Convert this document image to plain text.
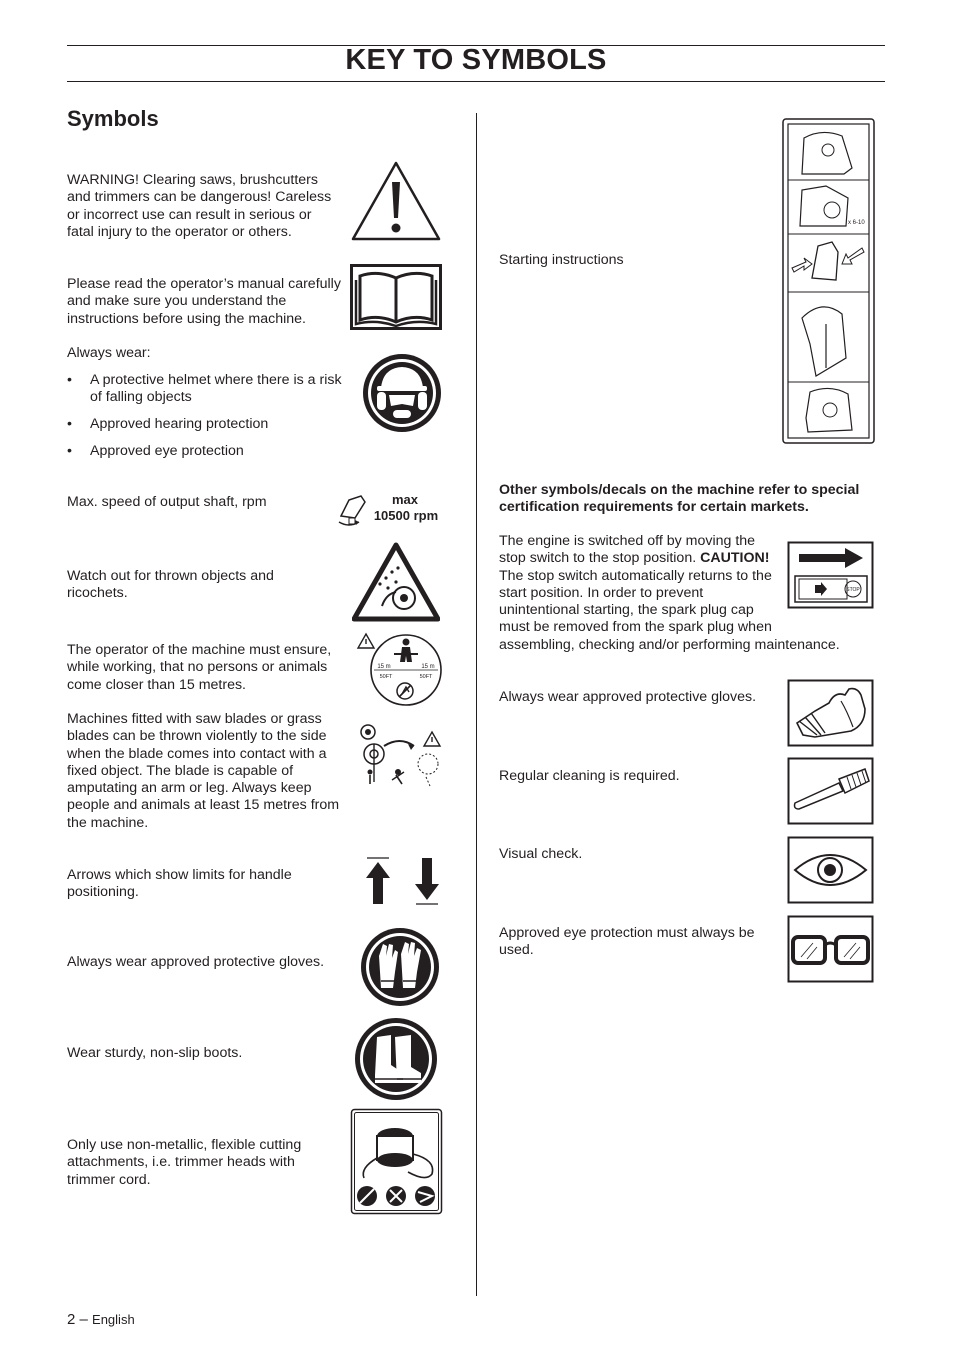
KEY TO SYMBOLS
Symbols
WARNING! Clearing saws, brushcutters and trimmers can be dangerous! Careless or incorrect use can result in serious or fatal injury to the operator or others.
Please read the operator’s manual carefully and make sure you understand the instructions before using the machine.
Always wear:
• A protective helmet where there is a risk of falling objects
• Approved hearing protection
• Approved eye protection
Max. speed of output shaft, rpm	max
10500 rpm
Watch out for thrown objects and ricochets.
The operator of the machine must ensure, while working, that no persons or animals come closer than 15 metres.
15 m	15 m
50FT	50FT
Machines fitted with saw blades or grass blades can be thrown violently to the side when the blade comes into contact with a fixed object. The blade is capable of amputating an arm or leg. Always keep people and animals at least 15 metres from the machine.
Arrows which show limits for handle positioning.
Always wear approved protective gloves.
Wear sturdy, non-slip boots.
Only use non-metallic, flexible cutting attachments, i.e. trimmer heads with trimmer cord.
Starting instructions
x 6-10
Other symbols/decals on the machine refer to special certification requirements for certain markets.
The engine is switched off by moving the
stop switch to the stop position. CAUTION!
The stop switch automatically returns to the
start position. In order to prevent
unintentional starting, the spark plug cap
must be removed from the spark plug when
assembling, checking and/or performing maintenance.
STOP
Always wear approved protective gloves.
Regular cleaning is required.
Visual check.
Approved eye protection must always be used.
2 – English
